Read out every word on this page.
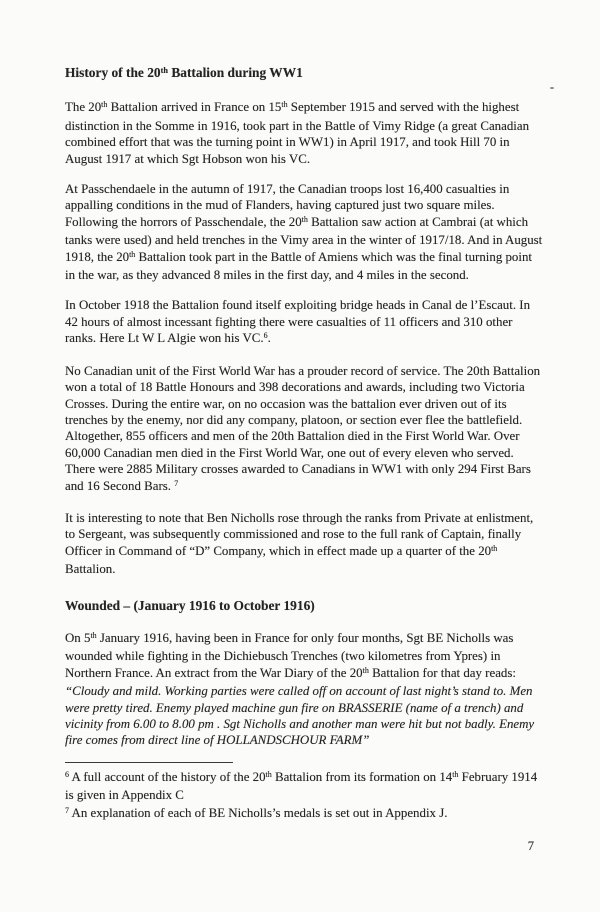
History of the 20th Battalion during WW1

The 20th Battalion arrived in France on 15th September 1915 and served with the highest distinction in the Somme in 1916, took part in the Battle of Vimy Ridge (a great Canadian combined effort that was the turning point in WW1) in April 1917, and took Hill 70 in August 1917 at which Sgt Hobson won his VC.

At Passchendaele in the autumn of 1917, the Canadian troops lost 16,400 casualties in appalling conditions in the mud of Flanders, having captured just two square miles. Following the horrors of Passchendale, the 20th Battalion saw action at Cambrai (at which tanks were used) and held trenches in the Vimy area in the winter of 1917/18. And in August 1918, the 20th Battalion took part in the Battle of Amiens which was the final turning point in the war, as they advanced 8 miles in the first day, and 4 miles in the second.

In October 1918 the Battalion found itself exploiting bridge heads in Canal de l’Escaut. In 42 hours of almost incessant fighting there were casualties of 11 officers and 310 other ranks. Here Lt W L Algie won his VC.$^6$.

No Canadian unit of the First World War has a prouder record of service. The 20th Battalion won a total of 18 Battle Honours and 398 decorations and awards, including two Victoria Crosses. During the entire war, on no occasion was the battalion ever driven out of its trenches by the enemy, nor did any company, platoon, or section ever flee the battlefield. Altogether, 855 officers and men of the 20th Battalion died in the First World War. Over 60,000 Canadian men died in the First World War, one out of every eleven who served. There were 2885 Military crosses awarded to Canadians in WW1 with only 294 First Bars and 16 Second Bars. $^7$

It is interesting to note that Ben Nicholls rose through the ranks from Private at enlistment, to Sergeant, was subsequently commissioned and rose to the full rank of Captain, finally Officer in Command of “D” Company, which in effect made up a quarter of the 20th Battalion.

Wounded – (January 1916 to October 1916)

On 5th January 1916, having been in France for only four months, Sgt BE Nicholls was wounded while fighting in the Dichiebusch Trenches (two kilometres from Ypres) in Northern France. An extract from the War Diary of the 20th Battalion for that day reads: “Cloudy and mild. Working parties were called off on account of last night’s stand to. Men were pretty tired. Enemy played machine gun fire on BRASSERIE (name of a trench) and vicinity from 6.00 to 8.00 pm . Sgt Nicholls and another man were hit but not badly. Enemy fire comes from direct line of HOLLANDSCHOUR FARM”

$^6$ A full account of the history of the 20th Battalion from its formation on 14th February 1914 is given in Appendix C

$^7$ An explanation of each of BE Nicholls’s medals is set out in Appendix J.

7
